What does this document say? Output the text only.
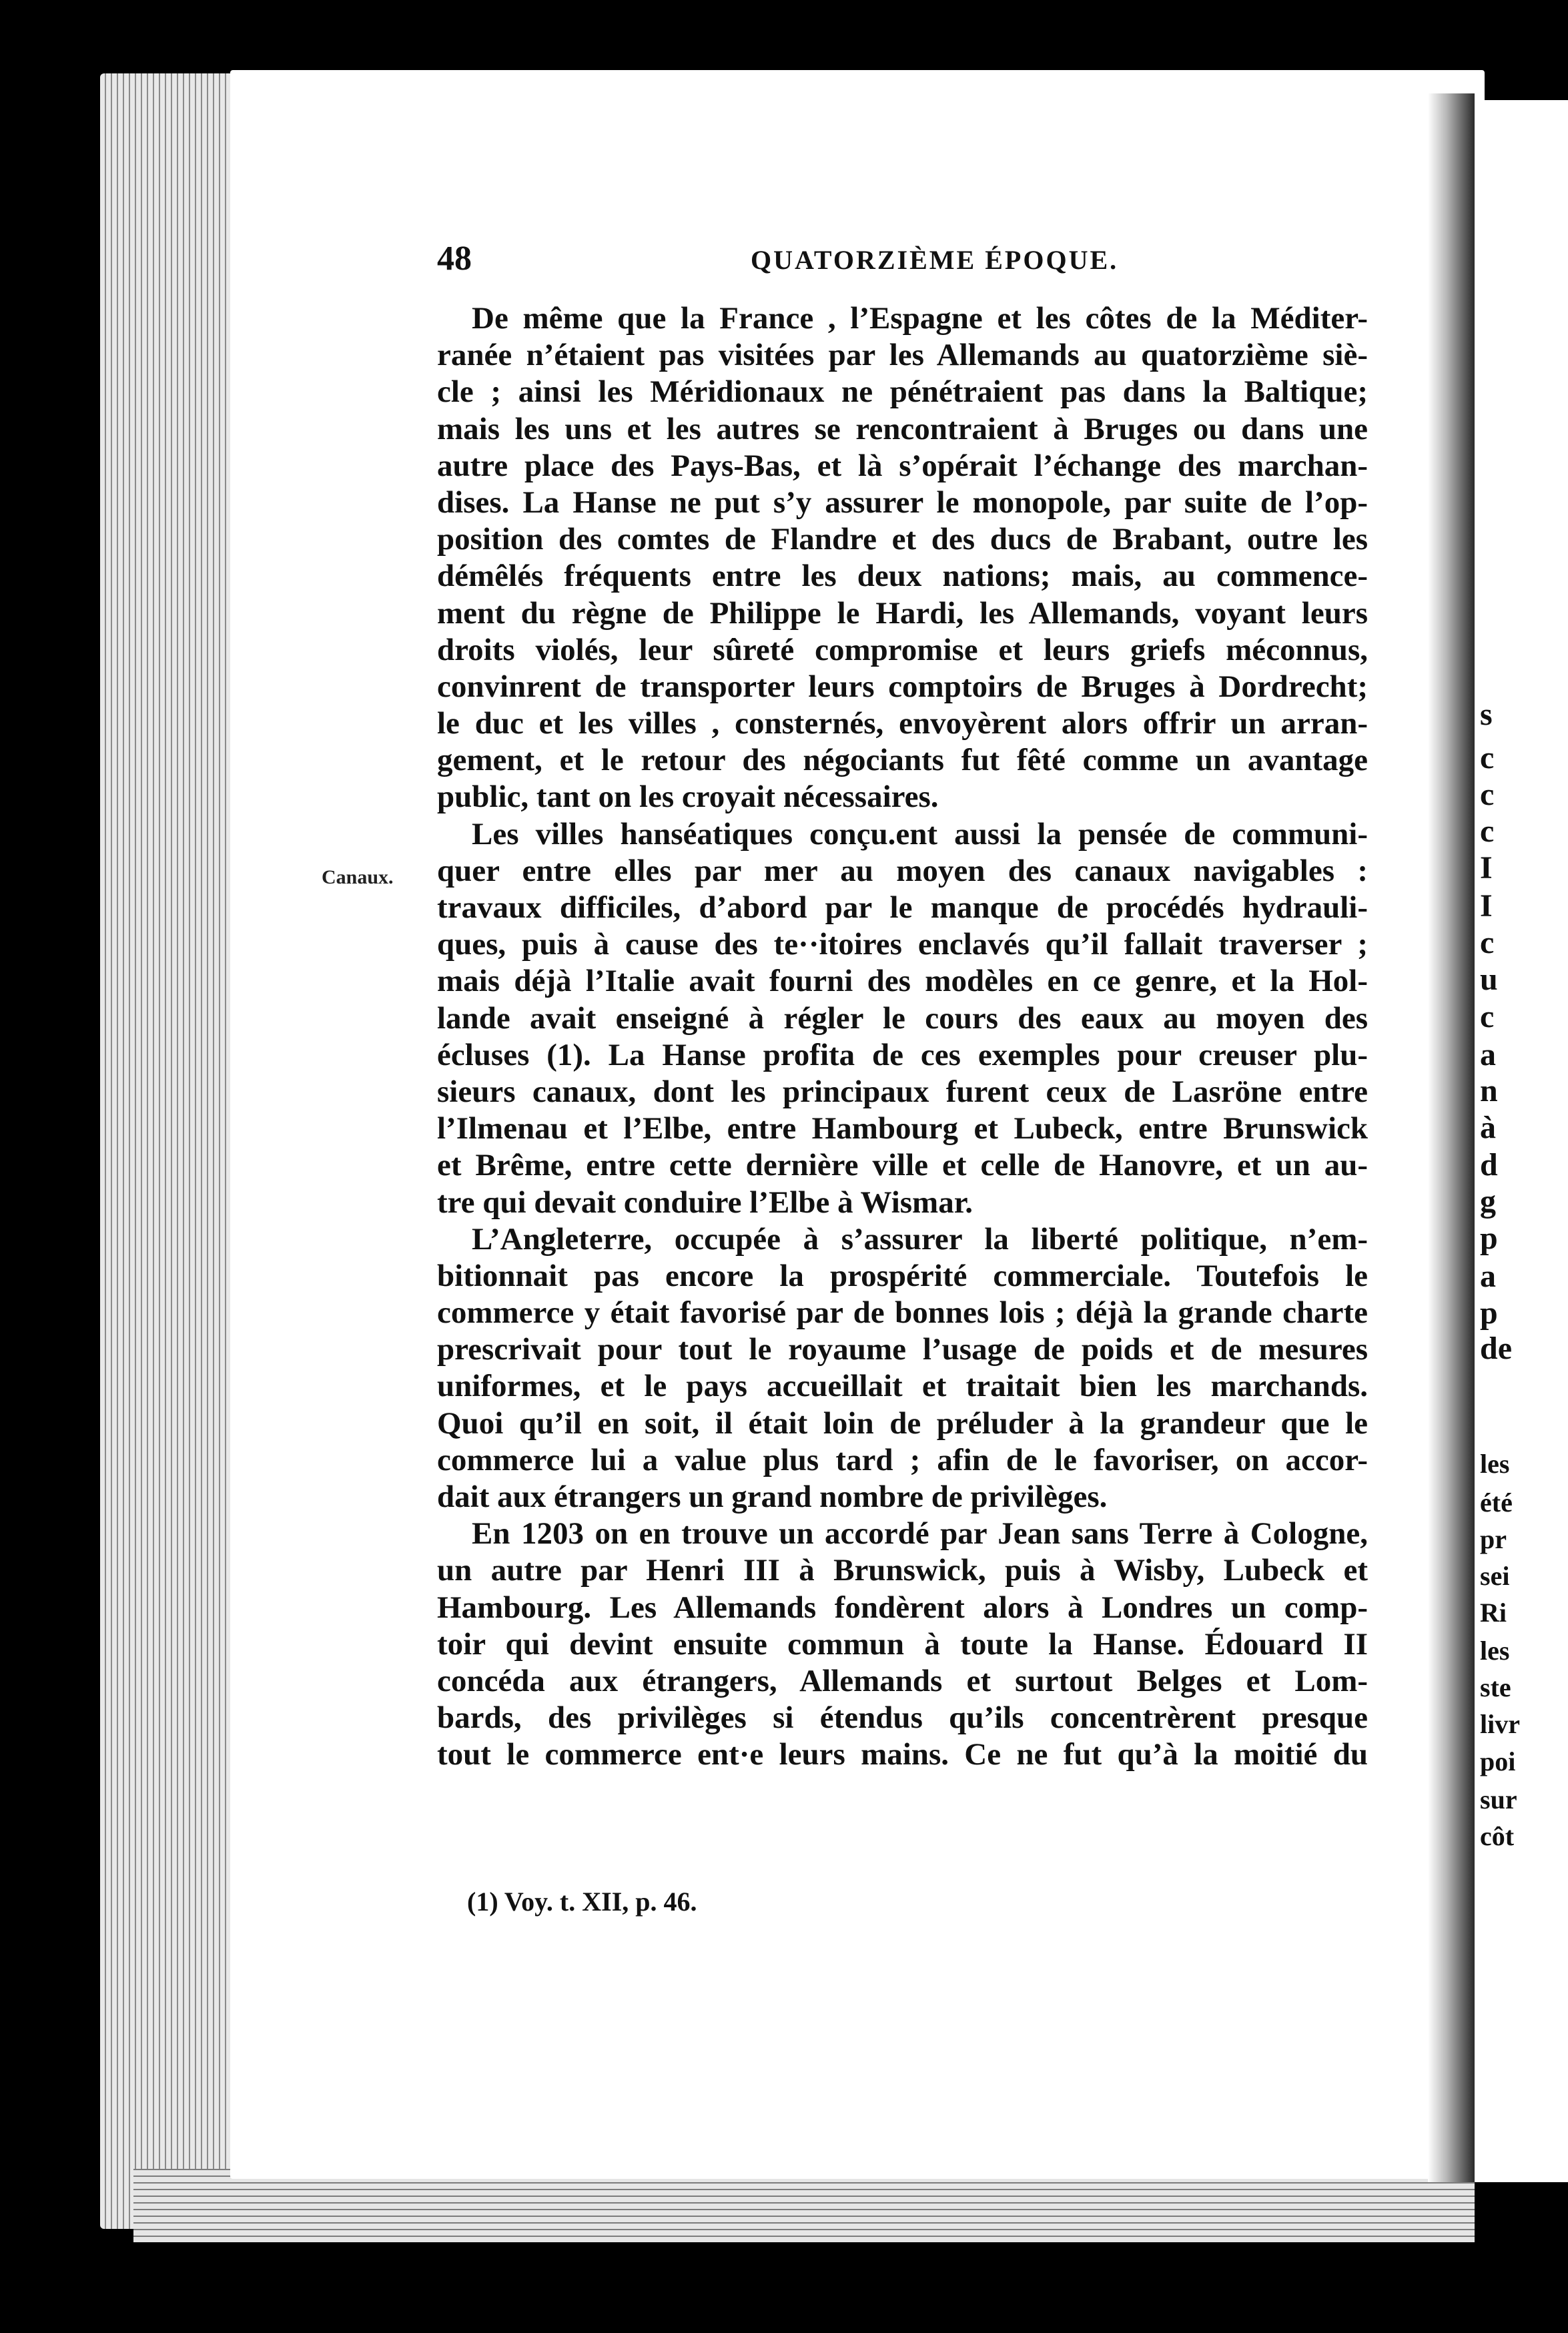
s
c
c
c
I
I
c
u
c
a
n
à
d
g
p
a
p
de
les
été
pr
sei
Ri
les
ste
livr
poi
sur
côt
48	QUATORZIÈME ÉPOQUE.
Canaux.
De même que la France , l’Espagne et les côtes de la Méditer-
ranée n’étaient pas visitées par les Allemands au quatorzième siè-
cle ; ainsi les Méridionaux ne pénétraient pas dans la Baltique;
mais les uns et les autres se rencontraient à Bruges ou dans une
autre place des Pays-Bas, et là s’opérait l’échange des marchan-
dises. La Hanse ne put s’y assurer le monopole, par suite de l’op-
position des comtes de Flandre et des ducs de Brabant, outre les
démêlés fréquents entre les deux nations; mais, au commence-
ment du règne de Philippe le Hardi, les Allemands, voyant leurs
droits violés, leur sûreté compromise et leurs griefs méconnus,
convinrent de transporter leurs comptoirs de Bruges à Dordrecht;
le duc et les villes , consternés, envoyèrent alors offrir un arran-
gement, et le retour des négociants fut fêté comme un avantage
public, tant on les croyait nécessaires.
Les villes hanséatiques conçu.ent aussi la pensée de communi-
quer entre elles par mer au moyen des canaux navigables :
travaux difficiles, d’abord par le manque de procédés hydrauli-
ques, puis à cause des te··itoires enclavés qu’il fallait traverser ;
mais déjà l’Italie avait fourni des modèles en ce genre, et la Hol-
lande avait enseigné à régler le cours des eaux au moyen des
écluses (1). La Hanse profita de ces exemples pour creuser plu-
sieurs canaux, dont les principaux furent ceux de Lasröne entre
l’Ilmenau et l’Elbe, entre Hambourg et Lubeck, entre Brunswick
et Brême, entre cette dernière ville et celle de Hanovre, et un au-
tre qui devait conduire l’Elbe à Wismar.
L’Angleterre, occupée à s’assurer la liberté politique, n’em-
bitionnait pas encore la prospérité commerciale. Toutefois le
commerce y était favorisé par de bonnes lois ; déjà la grande charte
prescrivait pour tout le royaume l’usage de poids et de mesures
uniformes, et le pays accueillait et traitait bien les marchands.
Quoi qu’il en soit, il était loin de préluder à la grandeur que le
commerce lui a value plus tard ; afin de le favoriser, on accor-
dait aux étrangers un grand nombre de privilèges.
En 1203 on en trouve un accordé par Jean sans Terre à Cologne,
un autre par Henri III à Brunswick, puis à Wisby, Lubeck et
Hambourg. Les Allemands fondèrent alors à Londres un comp-
toir qui devint ensuite commun à toute la Hanse. Édouard II
concéda aux étrangers, Allemands et surtout Belges et Lom-
bards, des privilèges si étendus qu’ils concentrèrent presque
tout le commerce ent·e leurs mains. Ce ne fut qu’à la moitié du
(1) Voy. t. XII, p. 46.
